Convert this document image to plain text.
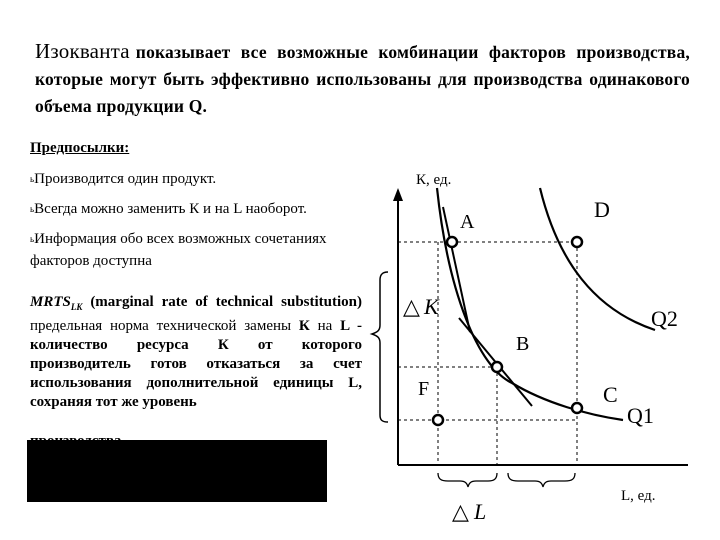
Изокванта показывает все возможные комбинации факторов производства, которые могут быть эффективно использованы для производства одинакового объема продукции Q.
Предпосылки:
ьПроизводится один продукт.
ьВсегда можно заменить К и на L наоборот.
ьИнформация обо всех возможных сочетаниях факторов доступна
$MRTS_{LK}$ (marginal rate of technical substitution) предельная норма технической замены К на L - количество ресурса К от которого производитель готов отказаться за счет использования дополнительной единицы L, сохраняя тот же уровень
К, ед.
L, ед.
A	D
B
C
F
Q2
Q1
△ K
△ L
